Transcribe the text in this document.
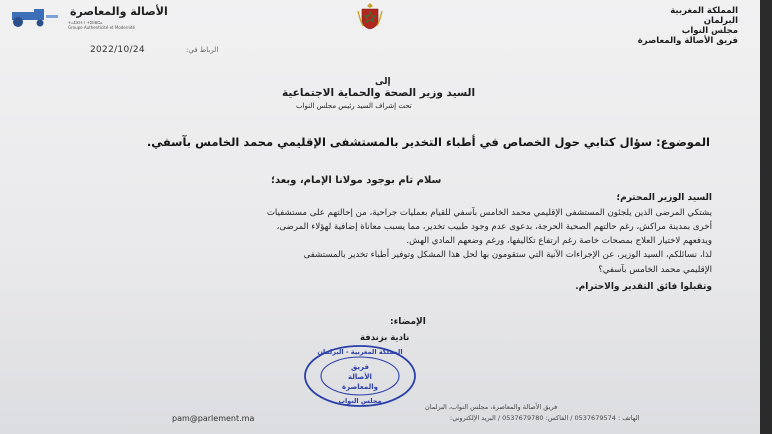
المملكة المغربية
البرلمان
مجلس النواب
فريق الأصالة والمعاصرة
الأصالة والمعاصرة
ⵜⴰⵎⵓⵏⵜ ⵏ ⵜⵉⵏⵏⵓⵛⴰ
Groupe Authenticité et Modernité
الرباط في:
2022/10/24
إلى
السيد وزير الصحة والحماية الاجتماعية
تحت إشراف السيد رئيس مجلس النواب
الموضوع: سؤال كتابي حول الخصاص في أطباء التخدير بالمستشفى الإقليمي محمد الخامس بآسفي.
سلام تام بوجود مولانا الإمام، وبعد؛
السيد الوزير المحترم؛
يشتكي المرضى الذين يلجئون المستشفى الإقليمي محمد الخامس بآسفي للقيام بعمليات جراحية، من إحالتهم على مستشفيات
أخرى بمدينة مراكش، رغم حالتهم الصحية الحرجة، بدعوى عدم وجود طبيب تخدير، مما يسبب معاناة إضافية لهؤلاء المرضى،
ويدفعهم لاختيار العلاج بمصحات خاصة رغم ارتفاع تكاليفها، ورغم وضعهم المادي الهش.
لذا، نسائلكم، السيد الوزير، عن الإجراءات الآنية التي ستقومون بها لحل هذا المشكل وتوفير أطباء تخدير بالمستشفى
الإقليمي محمد الخامس بآسفي؟
وتقبلوا فائق التقدير والاحترام.
الإمضاء:
نادية بزندفة
المملكة المغربية - البرلمان
فريق
الأصالة
والمعاصرة
مجلس النواب
فريق الأصالة والمعاصرة، مجلس النواب، البرلمان
الهاتف : 0537679574 / الفاكس: 0537679780 / البريد الإلكتروني:
pam@parlement.ma
